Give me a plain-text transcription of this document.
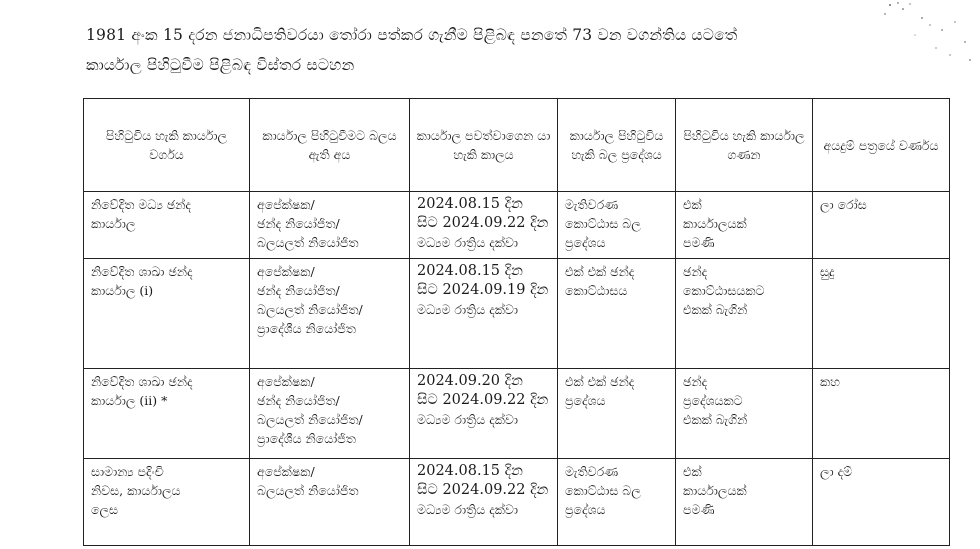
1981 අංක 15 දරන ජනාධිපතිවරයා තෝරා පත්කර ගැනීම පිළිබඳ පනතේ 73 වන වගන්තිය යටතේ
කාර්යාල පිහිටුවීම පිළිබඳ විස්තර සටහන
පිහිටුවිය හැකි කාර්යාල වර්ගය	කාර්යාල පිහිටුවීමට බලය ඇති අය	කාර්යාල පවත්වාගෙන යා හැකි කාලය	කාර්යාල පිහිටුවිය හැකි බල ප්‍රදේශය	පිහිටුවිය හැකි කාර්යාල ගණන	අයදුම් පත්‍රයේ වර්ණය

නිවේදිත මධ්‍ය ඡන්ද
කාර්යාල	අපේක්ෂක/
ඡන්ද නියෝජිත/
බලයලත් නියෝජිත	2024.08.15 දින
සිට 2024.09.22 දින
මධ්‍යම රාත්‍රිය දක්වා	මැතිවරණ
කොට්ඨාස බල
ප්‍රදේශය	එක්
කාර්යාලයක්
පමණි	ලා රෝස

නිවේදිත ශාඛා ඡන්ද
කාර්යාල (i)	අපේක්ෂක/
ඡන්ද නියෝජිත/
බලයලත් නියෝජිත/
ප්‍රාදේශීය නියෝජිත	2024.08.15 දින
සිට 2024.09.19 දින
මධ්‍යම රාත්‍රිය දක්වා	එක් එක් ඡන්ද
කොට්ඨාසය	ඡන්ද
කොට්ඨාසයකට
එකක් බැගින්	සුදු

නිවේදිත ශාඛා ඡන්ද
කාර්යාල (ii) *	අපේක්ෂක/
ඡන්ද නියෝජිත/
බලයලත් නියෝජිත/
ප්‍රාදේශීය නියෝජිත	2024.09.20 දින
සිට 2024.09.22 දින
මධ්‍යම රාත්‍රිය දක්වා	එක් එක් ඡන්ද
ප්‍රදේශය	ඡන්ද
ප්‍රදේශයකට
එකක් බැගින්	කහ

සාමාන්‍ය පදිංචි
නිවස, කාර්යාලය
ලෙස	අපේක්ෂක/
බලයලත් නියෝජිත	2024.08.15 දින
සිට 2024.09.22 දින
මධ්‍යම රාත්‍රිය දක්වා	මැතිවරණ
කොට්ඨාස බල
ප්‍රදේශය	එක්
කාර්යාලයක්
පමණි	ලා දම්
